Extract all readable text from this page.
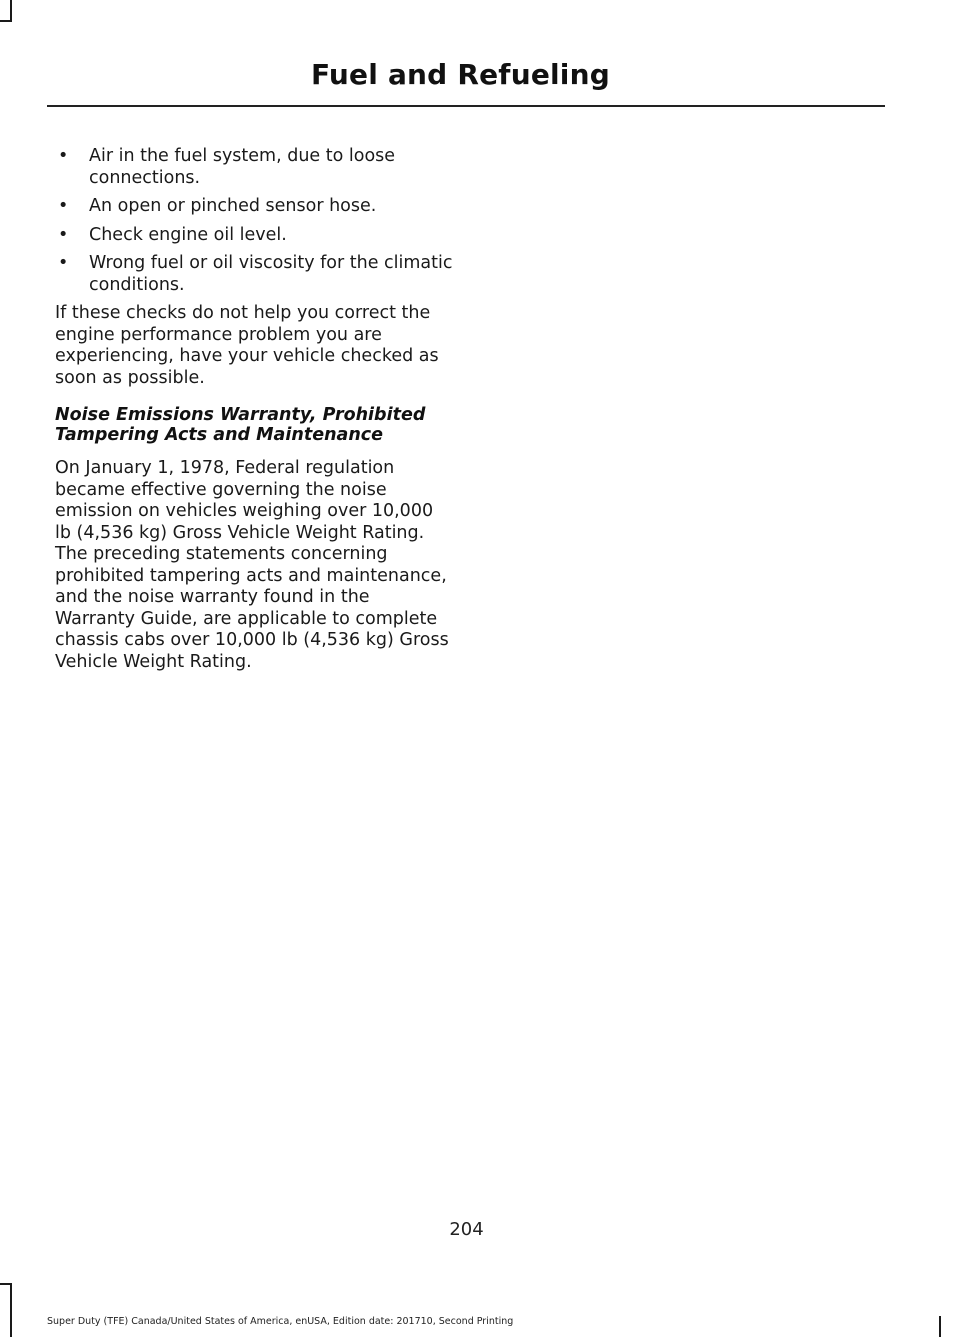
Fuel and Refueling
• Air in the fuel system, due to loose connections.
• An open or pinched sensor hose.
• Check engine oil level.
• Wrong fuel or oil viscosity for the climatic conditions.

If these checks do not help you correct the engine performance problem you are experiencing, have your vehicle checked as soon as possible.

Noise Emissions Warranty, Prohibited Tampering Acts and Maintenance

On January 1, 1978, Federal regulation became effective governing the noise emission on vehicles weighing over 10,000 lb (4,536 kg) Gross Vehicle Weight Rating. The preceding statements concerning prohibited tampering acts and maintenance, and the noise warranty found in the Warranty Guide, are applicable to complete chassis cabs over 10,000 lb (4,536 kg) Gross Vehicle Weight Rating.

204
Super Duty (TFE) Canada/United States of America, enUSA, Edition date: 201710, Second Printing
